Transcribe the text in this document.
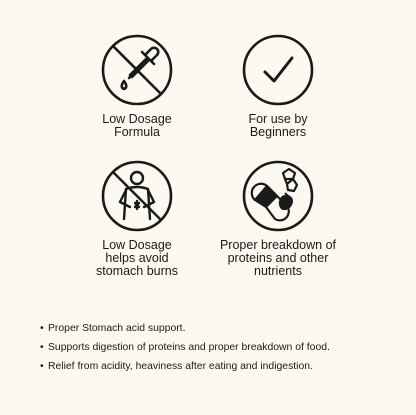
Low Dosage
Formula
For use by
Beginners
Low Dosage
helps avoid
stomach burns
Proper breakdown of
proteins and other
nutrients
• Proper Stomach acid support.
• Supports digestion of proteins and proper breakdown of food.
• Relief from acidity, heaviness after eating and indigestion.
